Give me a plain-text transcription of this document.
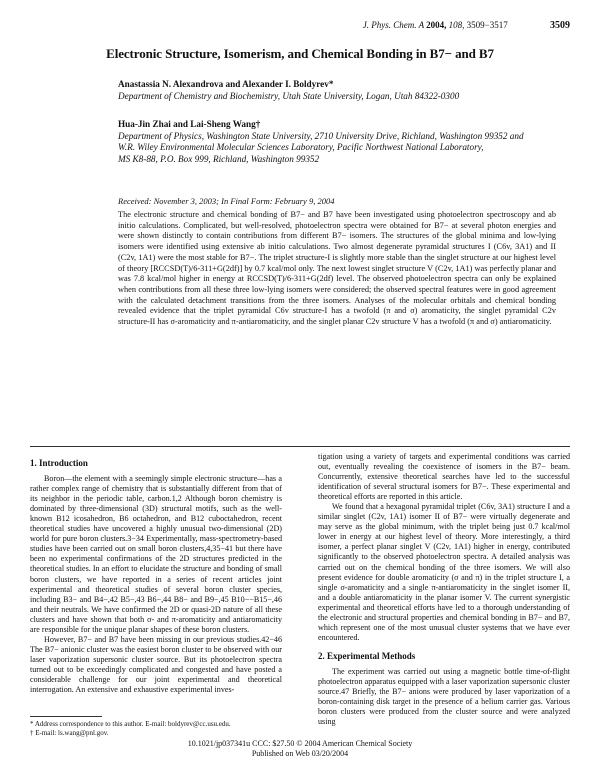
J. Phys. Chem. A 2004, 108, 3509−3517	3509
Electronic Structure, Isomerism, and Chemical Bonding in B7− and B7
Anastassia N. Alexandrova and Alexander I. Boldyrev*
Department of Chemistry and Biochemistry, Utah State University, Logan, Utah 84322-0300
Hua-Jin Zhai and Lai-Sheng Wang†
Department of Physics, Washington State University, 2710 University Drive, Richland, Washington 99352 and
W.R. Wiley Environmental Molecular Sciences Laboratory, Pacific Northwest National Laboratory,
MS K8-88, P.O. Box 999, Richland, Washington 99352
Received: November 3, 2003; In Final Form: February 9, 2004
The electronic structure and chemical bonding of B7− and B7 have been investigated using photoelectron spectroscopy and ab initio calculations. Complicated, but well-resolved, photoelectron spectra were obtained for B7− at several photon energies and were shown distinctly to contain contributions from different B7− isomers. The structures of the global minima and low-lying isomers were identified using extensive ab initio calculations. Two almost degenerate pyramidal structures I (C6v, 3A1) and II (C2v, 1A1) were the most stable for B7−. The triplet structure-I is slightly more stable than the singlet structure at our highest level of theory [RCCSD(T)/6-311+G(2df)] by 0.7 kcal/mol only. The next lowest singlet structure V (C2v, 1A1) was perfectly planar and was 7.8 kcal/mol higher in energy at RCCSD(T)/6-311+G(2df) level. The observed photoelectron spectra can only be explained when contributions from all these three low-lying isomers were considered; the observed spectral features were in good agreement with the calculated detachment transitions from the three isomers. Analyses of the molecular orbitals and chemical bonding revealed evidence that the triplet pyramidal C6v structure-I has a twofold (π and σ) aromaticity, the singlet pyramidal C2v structure-II has σ-aromaticity and π-antiaromaticity, and the singlet planar C2v structure V has a twofold (π and σ) antiaromaticity.
1. Introduction

Boron—the element with a seemingly simple electronic structure—has a rather complex range of chemistry that is substantially different from that of its neighbor in the periodic table, carbon.1,2 Although boron chemistry is dominated by three-dimensional (3D) structural motifs, such as the well-known B12 icosahedron, B6 octahedron, and B12 cuboctahedron, recent theoretical studies have uncovered a highly unusual two-dimensional (2D) world for pure boron clusters.3−34 Experimentally, mass-spectrometry-based studies have been carried out on small boron clusters,4,35−41 but there have been no experimental confirmations of the 2D structures predicted in the theoretical studies. In an effort to elucidate the structure and bonding of small boron clusters, we have reported in a series of recent articles joint experimental and theoretical studies of several boron cluster species, including B3− and B4−,42 B5−,43 B6−,44 B8− and B9−,45 B10−−B15−,46 and their neutrals. We have confirmed the 2D or quasi-2D nature of all these clusters and have shown that both σ- and π-aromaticity and antiaromaticity are responsible for the unique planar shapes of these boron clusters.

However, B7− and B7 have been missing in our previous studies.42−46 The B7− anionic cluster was the easiest boron cluster to be observed with our laser vaporization supersonic cluster source. But its photoelectron spectra turned out to be exceedingly complicated and congested and have posted a considerable challenge for our joint experimental and theoretical interrogation. An extensive and exhaustive experimental inves-

tigation using a variety of targets and experimental conditions was carried out, eventually revealing the coexistence of isomers in the B7− beam. Concurrently, extensive theoretical searches have led to the successful identification of several structural isomers for B7−. These experimental and theoretical efforts are reported in this article.

We found that a hexagonal pyramidal triplet (C6v, 3A1) structure I and a similar singlet (C2v, 1A1) isomer II of B7− were virtually degenerate and may serve as the global minimum, with the triplet being just 0.7 kcal/mol lower in energy at our highest level of theory. More interestingly, a third isomer, a perfect planar singlet V (C2v, 1A1) higher in energy, contributed significantly to the observed photoelectron spectra. A detailed analysis was carried out on the chemical bonding of the three isomers. We will also present evidence for double aromaticity (σ and π) in the triplet structure I, a single σ-aromaticity and a single π-antiaromaticity in the singlet isomer II, and a double antiaromaticity in the planar isomer V. The current synergistic experimental and theoretical efforts have led to a thorough understanding of the electronic and structural properties and chemical bonding in B7− and B7, which represent one of the most unusual cluster systems that we have ever encountered.

2. Experimental Methods

The experiment was carried out using a magnetic bottle time-of-flight photoelectron apparatus equipped with a laser vaporization supersonic cluster source.47 Briefly, the B7− anions were produced by laser vaporization of a boron-containing disk target in the presence of a helium carrier gas. Various boron clusters were produced from the cluster source and were analyzed using

* Address correspondence to this author. E-mail: boldyrev@cc.usu.edu.
† E-mail: ls.wang@pnl.gov.
10.1021/jp037341u CCC: $27.50 © 2004 American Chemical Society
Published on Web 03/20/2004
